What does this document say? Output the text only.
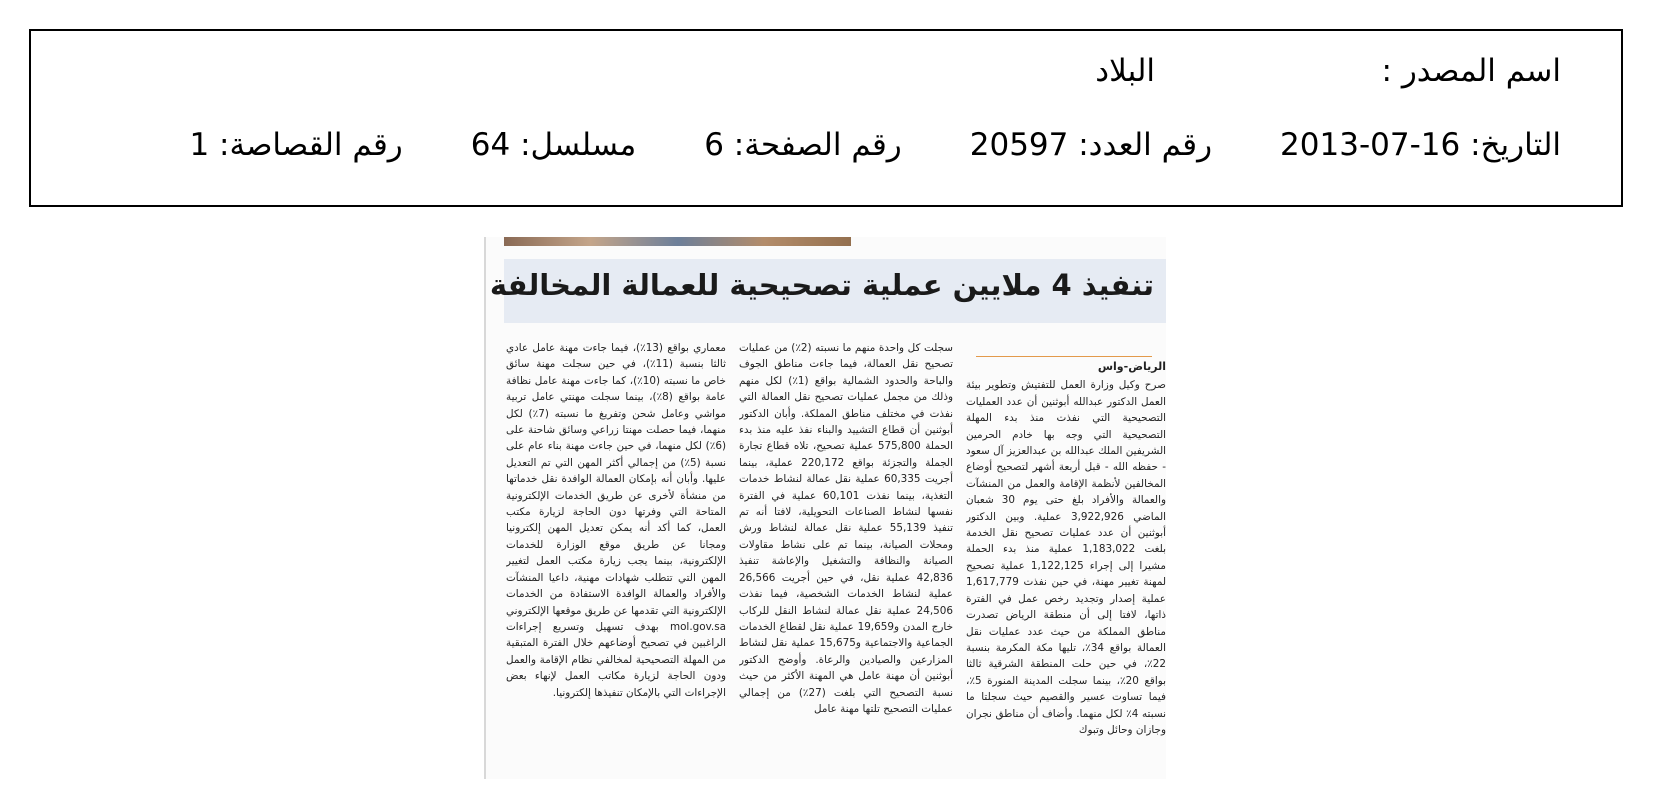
اسم المصدر :
البلاد
التاريخ: 16-07-2013
رقم العدد: 20597
رقم الصفحة: 6
مسلسل: 64
رقم القصاصة: 1
تنفيذ 4 ملايين عملية تصحيحية للعمالة المخالفة
الرياض-واس

صرح وكيل وزارة العمل للتفتيش وتطوير بيئة العمل الدكتور عبدالله أبوثنين أن عدد العمليات التصحيحية التي نفذت منذ بدء المهلة التصحيحية التي وجه بها خادم الحرمين الشريفين الملك عبدالله بن عبدالعزيز آل سعود - حفظه الله - قبل أربعة أشهر لتصحيح أوضاع المخالفين لأنظمة الإقامة والعمل من المنشآت والعمالة والأفراد بلغ حتى يوم 30 شعبان الماضي 3,922,926 عملية. وبين الدكتور أبوثنين أن عدد عمليات تصحيح نقل الخدمة بلغت 1,183,022 عملية منذ بدء الحملة مشيرا إلى إجراء 1,122,125 عملية تصحيح لمهنة تغيير مهنة، في حين نفذت 1,617,779 عملية إصدار وتجديد رخص عمل في الفترة ذاتها، لافتا إلى أن منطقة الرياض تصدرت مناطق المملكة من حيث عدد عمليات نقل العمالة بواقع 34٪، تليها مكة المكرمة بنسبة 22٪، في حين حلت المنطقة الشرقية ثالثا بواقع 20٪، بينما سجلت المدينة المنورة 5٪، فيما تساوت عسير والقصيم حيث سجلتا ما نسبته 4٪ لكل منهما. وأضاف أن مناطق نجران وجازان وحائل وتبوك

سجلت كل واحدة منهم ما نسبته (2٪) من عمليات تصحيح نقل العمالة، فيما جاءت مناطق الجوف والباحة والحدود الشمالية بواقع (1٪) لكل منهم وذلك من مجمل عمليات تصحيح نقل العمالة التي نفذت في مختلف مناطق المملكة. وأبان الدكتور أبوثنين أن قطاع التشييد والبناء نفذ عليه منذ بدء الحملة 575,800 عملية تصحيح، تلاه قطاع تجارة الجملة والتجزئة بواقع 220,172 عملية، بينما أجريت 60,335 عملية نقل عمالة لنشاط خدمات التغذية، بينما نفذت 60,101 عملية في الفترة نفسها لنشاط الصناعات التحويلية، لافتا أنه تم تنفيذ 55,139 عملية نقل عمالة لنشاط ورش ومحلات الصيانة، بينما تم على نشاط مقاولات الصيانة والنظافة والتشغيل والإعاشة تنفيذ 42,836 عملية نقل، في حين أجريت 26,566 عملية لنشاط الخدمات الشخصية، فيما نفذت 24,506 عملية نقل عمالة لنشاط النقل للركاب خارج المدن و19,659 عملية نقل لقطاع الخدمات الجماعية والاجتماعية و15,675 عملية نقل لنشاط المزارعين والصيادين والرعاة. وأوضح الدكتور أبوثنين أن مهنة عامل هي المهنة الأكثر من حيث نسبة التصحيح التي بلغت (27٪) من إجمالي عمليات التصحيح تلتها مهنة عامل

معماري بواقع (13٪)، فيما جاءت مهنة عامل عادي ثالثا بنسبة (11٪)، في حين سجلت مهنة سائق خاص ما نسبته (10٪)، كما جاءت مهنة عامل نظافة عامة بواقع (8٪)، بينما سجلت مهنتي عامل تربية مواشي وعامل شحن وتفريغ ما نسبته (7٪) لكل منهما، فيما حصلت مهنتا زراعي وسائق شاحنة على (6٪) لكل منهما، في حين جاءت مهنة بناء عام على نسبة (5٪) من إجمالي أكثر المهن التي تم التعديل عليها. وأبان أنه بإمكان العمالة الوافدة نقل خدماتها من منشأة لأخرى عن طريق الخدمات الإلكترونية المتاحة التي وفرتها دون الحاجة لزيارة مكتب العمل، كما أكد أنه يمكن تعديل المهن إلكترونيا ومجانا عن طريق موقع الوزارة للخدمات الإلكترونية، بينما يجب زيارة مكتب العمل لتغيير المهن التي تتطلب شهادات مهنية، داعيا المنشآت والأفراد والعمالة الوافدة الاستفادة من الخدمات الإلكترونية التي تقدمها عن طريق موقعها الإلكتروني mol.gov.sa بهدف تسهيل وتسريع إجراءات الراغبين في تصحيح أوضاعهم خلال الفترة المتبقية من المهلة التصحيحية لمخالفي نظام الإقامة والعمل ودون الحاجة لزيارة مكاتب العمل لإنهاء بعض الإجراءات التي بالإمكان تنفيذها إلكترونيا.
